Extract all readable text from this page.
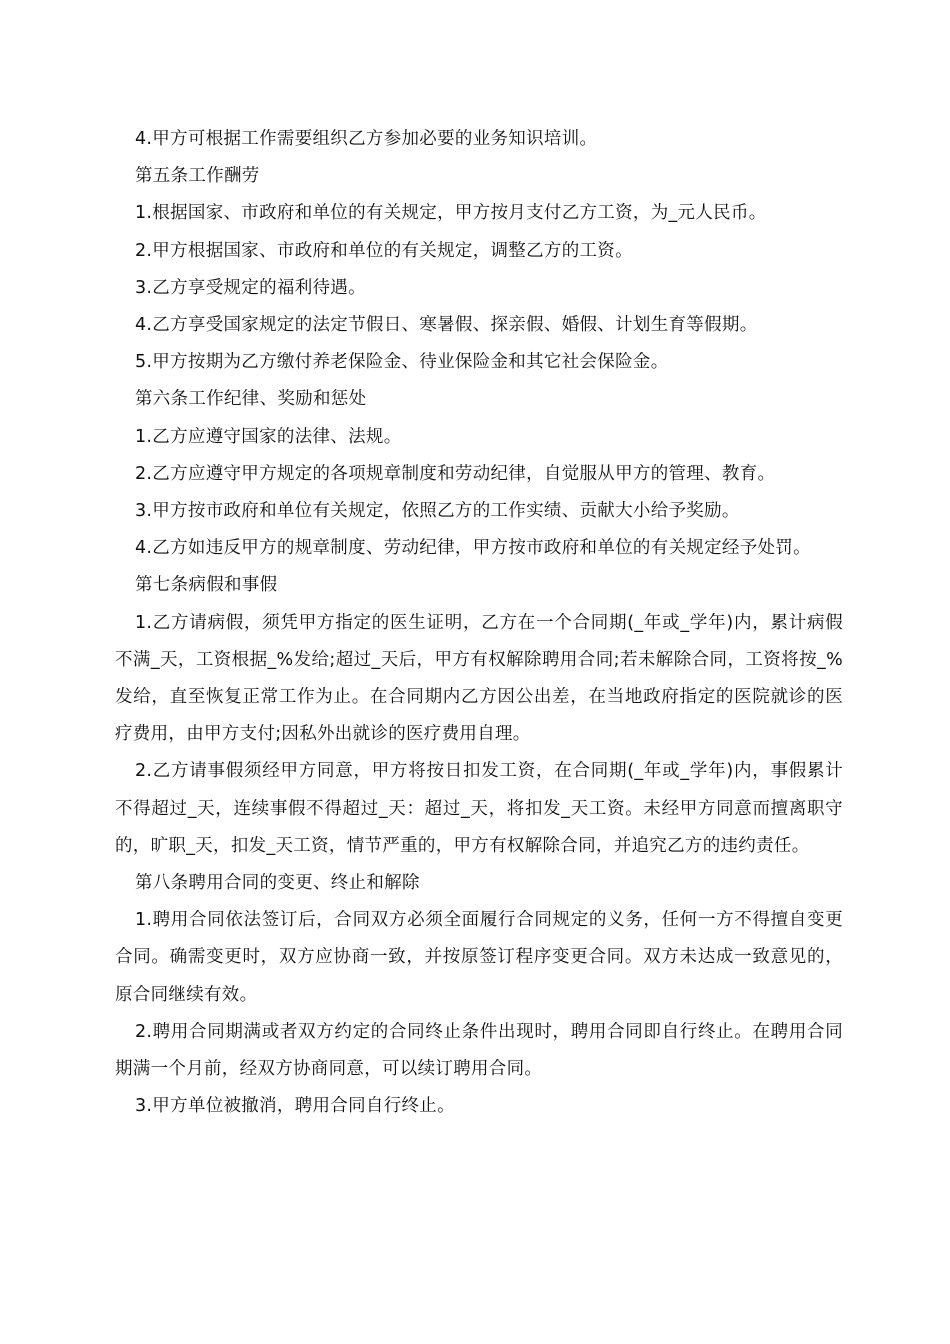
4.甲方可根据工作需要组织乙方参加必要的业务知识培训。

第五条工作酬劳

1.根据国家、市政府和单位的有关规定，甲方按月支付乙方工资，为_元人民币。

2.甲方根据国家、市政府和单位的有关规定，调整乙方的工资。

3.乙方享受规定的福利待遇。

4.乙方享受国家规定的法定节假日、寒暑假、探亲假、婚假、计划生育等假期。

5.甲方按期为乙方缴付养老保险金、待业保险金和其它社会保险金。

第六条工作纪律、奖励和惩处

1.乙方应遵守国家的法律、法规。

2.乙方应遵守甲方规定的各项规章制度和劳动纪律，自觉服从甲方的管理、教育。

3.甲方按市政府和单位有关规定，依照乙方的工作实绩、贡献大小给予奖励。

4.乙方如违反甲方的规章制度、劳动纪律，甲方按市政府和单位的有关规定经予处罚。

第七条病假和事假

1.乙方请病假，须凭甲方指定的医生证明，乙方在一个合同期(_年或_学年)内，累计病假不满_天，工资根据_%发给;超过_天后，甲方有权解除聘用合同;若未解除合同，工资将按_%发给，直至恢复正常工作为止。在合同期内乙方因公出差，在当地政府指定的医院就诊的医疗费用，由甲方支付;因私外出就诊的医疗费用自理。

2.乙方请事假须经甲方同意，甲方将按日扣发工资，在合同期(_年或_学年)内，事假累计不得超过_天，连续事假不得超过_天：超过_天，将扣发_天工资。未经甲方同意而擅离职守的，旷职_天，扣发_天工资，情节严重的，甲方有权解除合同，并追究乙方的违约责任。

第八条聘用合同的变更、终止和解除

1.聘用合同依法签订后，合同双方必须全面履行合同规定的义务，任何一方不得擅自变更合同。确需变更时，双方应协商一致，并按原签订程序变更合同。双方未达成一致意见的，原合同继续有效。

2.聘用合同期满或者双方约定的合同终止条件出现时，聘用合同即自行终止。在聘用合同期满一个月前，经双方协商同意，可以续订聘用合同。

3.甲方单位被撤消，聘用合同自行终止。
